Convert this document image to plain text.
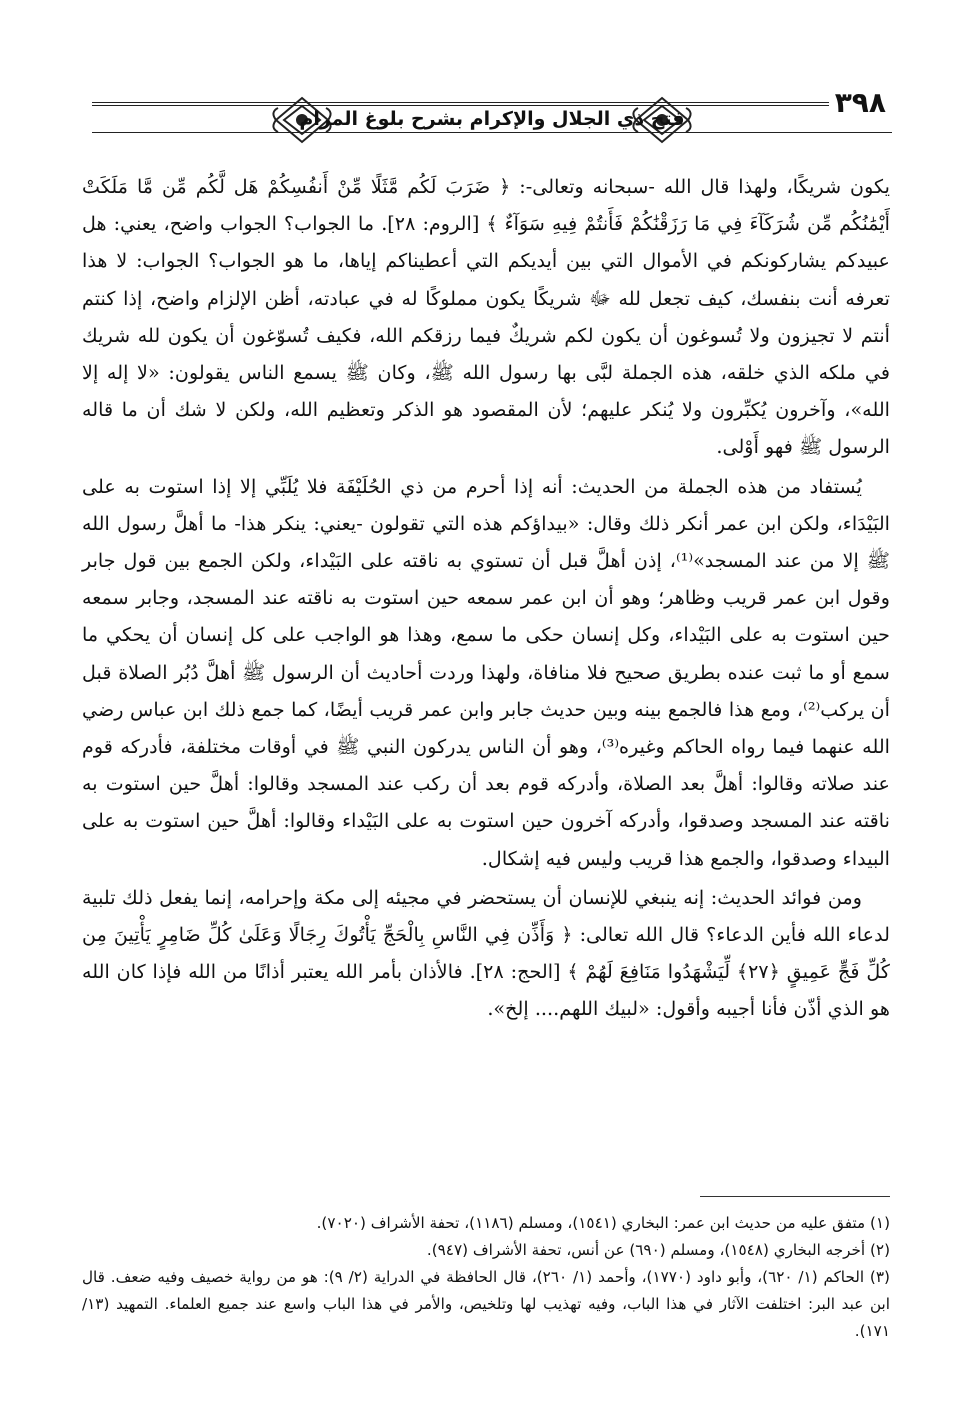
فتح ذي الجلال والإكرام بشرح بلوغ المرام	٣٩٨

يكون شريكًا، ولهذا قال الله -سبحانه وتعالى-: ﴿ ضَرَبَ لَكُم مَّثَلًا مِّنْ أَنفُسِكُمْ هَل لَّكُم مِّن مَّا مَلَكَتْ أَيْمَٰنُكُم مِّن شُرَكَآءَ فِي مَا رَزَقْنَٰكُمْ فَأَنتُمْ فِيهِ سَوَآءٌ ﴾ [الروم: ٢٨]. ما الجواب؟ الجواب واضح، يعني: هل عبيدكم يشاركونكم في الأموال التي بين أيديكم التي أعطيناكم إياها، ما هو الجواب؟ الجواب: لا هذا تعرفه أنت بنفسك، كيف تجعل لله ﷻ شريكًا يكون مملوكًا له في عبادته، أظن الإلزام واضح، إذا كنتم أنتم لا تجيزون ولا تُسوغون أن يكون لكم شريكٌ فيما رزقكم الله، فكيف تُسوّغون أن يكون لله شريك في ملكه الذي خلقه، هذه الجملة لبَّى بها رسول الله ﷺ، وكان ﷺ يسمع الناس يقولون: «لا إله إلا الله»، وآخرون يُكبِّرون ولا يُنكر عليهم؛ لأن المقصود هو الذكر وتعظيم الله، ولكن لا شك أن ما قاله الرسول ﷺ فهو أَوْلى.

يُستفاد من هذه الجملة من الحديث: أنه إذا أحرم من ذي الحُلَيْفَة فلا يُلَبِّي إلا إذا استوت به على البَيْدَاء، ولكن ابن عمر أنكر ذلك وقال: «بيداؤكم هذه التي تقولون -يعني: ينكر هذا- ما أهلَّ رسول الله ﷺ إلا من عند المسجد»⁽¹⁾، إذن أهلَّ قبل أن تستوي به ناقته على البَيْداء، ولكن الجمع بين قول جابر وقول ابن عمر قريب وظاهر؛ وهو أن ابن عمر سمعه حين استوت به ناقته عند المسجد، وجابر سمعه حين استوت به على البَيْداء، وكل إنسان حكى ما سمع، وهذا هو الواجب على كل إنسان أن يحكي ما سمع أو ما ثبت عنده بطريق صحيح فلا منافاة، ولهذا وردت أحاديث أن الرسول ﷺ أهلَّ دُبُر الصلاة قبل أن يركب⁽²⁾، ومع هذا فالجمع بينه وبين حديث جابر وابن عمر قريب أيضًا، كما جمع ذلك ابن عباس رضي الله عنهما فيما رواه الحاكم وغيره⁽³⁾، وهو أن الناس يدركون النبي ﷺ في أوقات مختلفة، فأدركه قوم عند صلاته وقالوا: أهلَّ بعد الصلاة، وأدركه قوم بعد أن ركب عند المسجد وقالوا: أهلَّ حين استوت به ناقته عند المسجد وصدقوا، وأدركه آخرون حين استوت به على البَيْداء وقالوا: أهلَّ حين استوت به على البيداء وصدقوا، والجمع هذا قريب وليس فيه إشكال.

ومن فوائد الحديث: إنه ينبغي للإنسان أن يستحضر في مجيئه إلى مكة وإحرامه، إنما يفعل ذلك تلبية لدعاء الله فأين الدعاء؟ قال الله تعالى: ﴿ وَأَذِّن فِي النَّاسِ بِالْحَجِّ يَأْتُوكَ رِجَالًا وَعَلَىٰ كُلِّ ضَامِرٍ يَأْتِينَ مِن كُلِّ فَجٍّ عَمِيقٍ ﴿٢٧﴾ لِّيَشْهَدُوا مَنَافِعَ لَهُمْ ﴾ [الحج: ٢٨]. فالأذان بأمر الله يعتبر أذانًا من الله فإذا كان الله هو الذي أذّن فأنا أجيبه وأقول: «لبيك اللهم.... إلخ».

(١) متفق عليه من حديث ابن عمر: البخاري (١٥٤١)، ومسلم (١١٨٦)، تحفة الأشراف (٧٠٢٠).

(٢) أخرجه البخاري (١٥٤٨)، ومسلم (٦٩٠) عن أنس، تحفة الأشراف (٩٤٧).

(٣) الحاكم (١/ ٦٢٠)، وأبو داود (١٧٧٠)، وأحمد (١/ ٢٦٠)، قال الحافظة في الدراية (٢/ ٩): هو من رواية خصيف وفيه ضعف. قال ابن عبد البر: اختلفت الآثار في هذا الباب، وفيه تهذيب لها وتلخيص، والأمر في هذا الباب واسع عند جميع العلماء. التمهيد (١٣/ ١٧١).
